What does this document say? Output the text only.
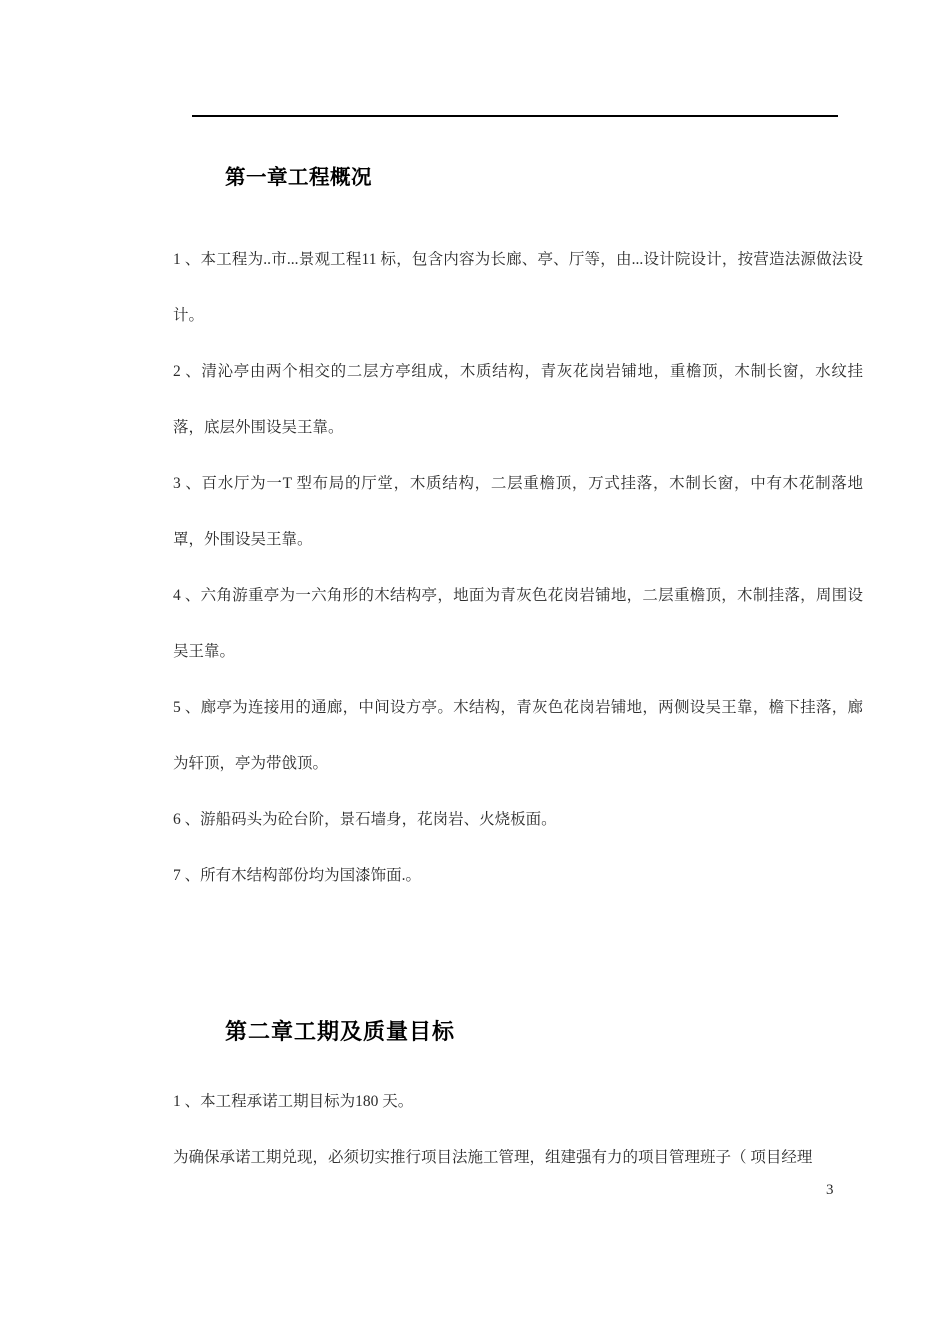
第一章工程概况

1 、本工程为..市...景观工程11 标，包含内容为长廊、亭、厅等，由...设计院设计，按营造法源做法设计。

2 、清沁亭由两个相交的二层方亭组成，木质结构，青灰花岗岩铺地，重檐顶，木制长窗，水纹挂落，底层外围设吴王靠。

3 、百水厅为一T 型布局的厅堂，木质结构，二层重檐顶，万式挂落，木制长窗，中有木花制落地罩，外围设吴王靠。

4 、六角游重亭为一六角形的木结构亭，地面为青灰色花岗岩铺地，二层重檐顶，木制挂落，周围设吴王靠。

5 、廊亭为连接用的通廊，中间设方亭。木结构，青灰色花岗岩铺地，两侧设吴王靠，檐下挂落，廊为轩顶，亭为带戗顶。

6 、游船码头为砼台阶，景石墙身，花岗岩、火烧板面。

7 、所有木结构部份均为国漆饰面.。

第二章工期及质量目标

1 、本工程承诺工期目标为180 天。

为确保承诺工期兑现，必须切实推行项目法施工管理，组建强有力的项目管理班子（ 项目经理

3
